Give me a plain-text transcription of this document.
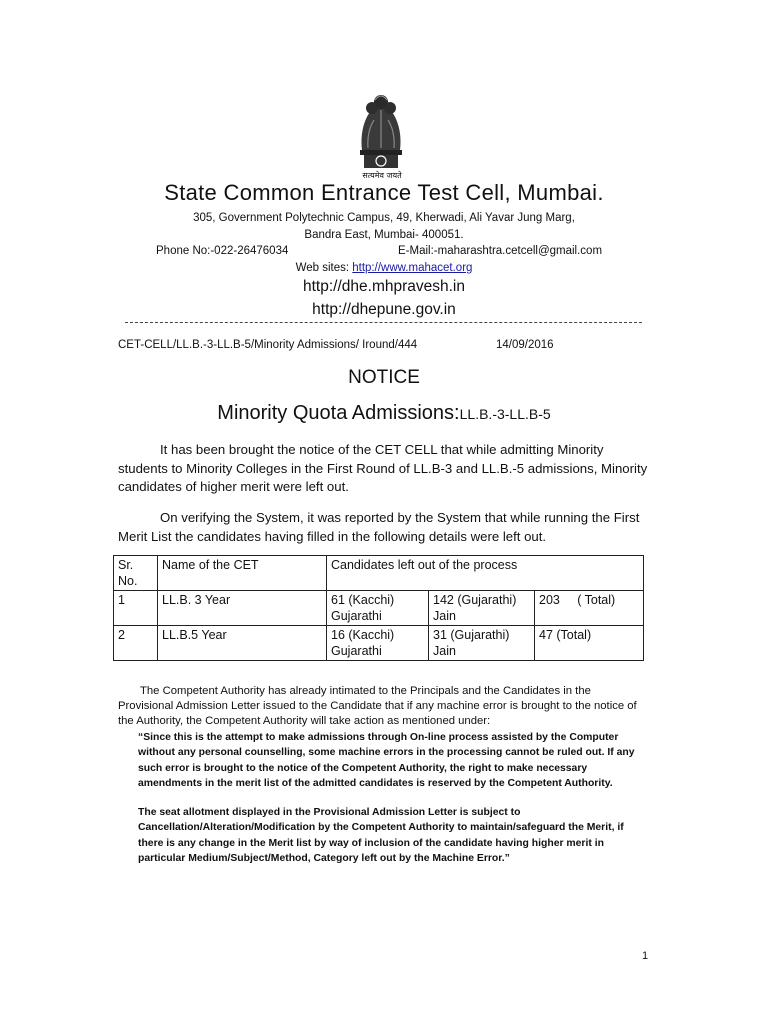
सत्यमेव जयते
State Common Entrance Test Cell, Mumbai.
305, Government Polytechnic Campus, 49, Kherwadi, Ali Yavar Jung Marg,
Bandra East, Mumbai- 400051.
Phone No:-022-26476034	E-Mail:-maharashtra.cetcell@gmail.com
Web sites: http://www.mahacet.org
http://dhe.mhpravesh.in
http://dhepune.gov.in
CET-CELL/LL.B.-3-LL.B-5/Minority Admissions/ Iround/444	14/09/2016
NOTICE
Minority Quota Admissions:LL.B.-3-LL.B-5
It has been brought the notice of the CET CELL that while admitting Minority students to Minority Colleges in the First Round of LL.B-3 and LL.B.-5 admissions, Minority candidates of higher merit were left out.
On verifying the System, it was reported by the System that while running the First Merit List the candidates having filled in the following details were left out.
Sr. No.	Name of the CET	Candidates left out of the process		
1	LL.B. 3 Year	61 (Kacchi) Gujarathi	142 (Gujarathi) Jain	203     ( Total)
2	LL.B.5 Year	16 (Kacchi) Gujarathi	31 (Gujarathi) Jain	47 (Total)
The Competent Authority has already intimated to the Principals and the Candidates in the Provisional Admission Letter issued to the Candidate that if any machine error is brought to the notice of the Authority, the Competent Authority will take action as mentioned under:
“Since this is the attempt to make admissions through On-line process assisted by the Computer without any personal counselling, some machine errors in the processing cannot be ruled out. If any such error is brought to the notice of the Competent Authority, the right to make necessary amendments in the merit list of the admitted candidates is reserved by the Competent Authority.
The seat allotment displayed in the Provisional Admission Letter is subject to Cancellation/Alteration/Modification by the Competent Authority to maintain/safeguard the Merit, if there is any change in the Merit list by way of inclusion of the candidate having higher merit in particular Medium/Subject/Method, Category left out by the Machine Error.”
1
